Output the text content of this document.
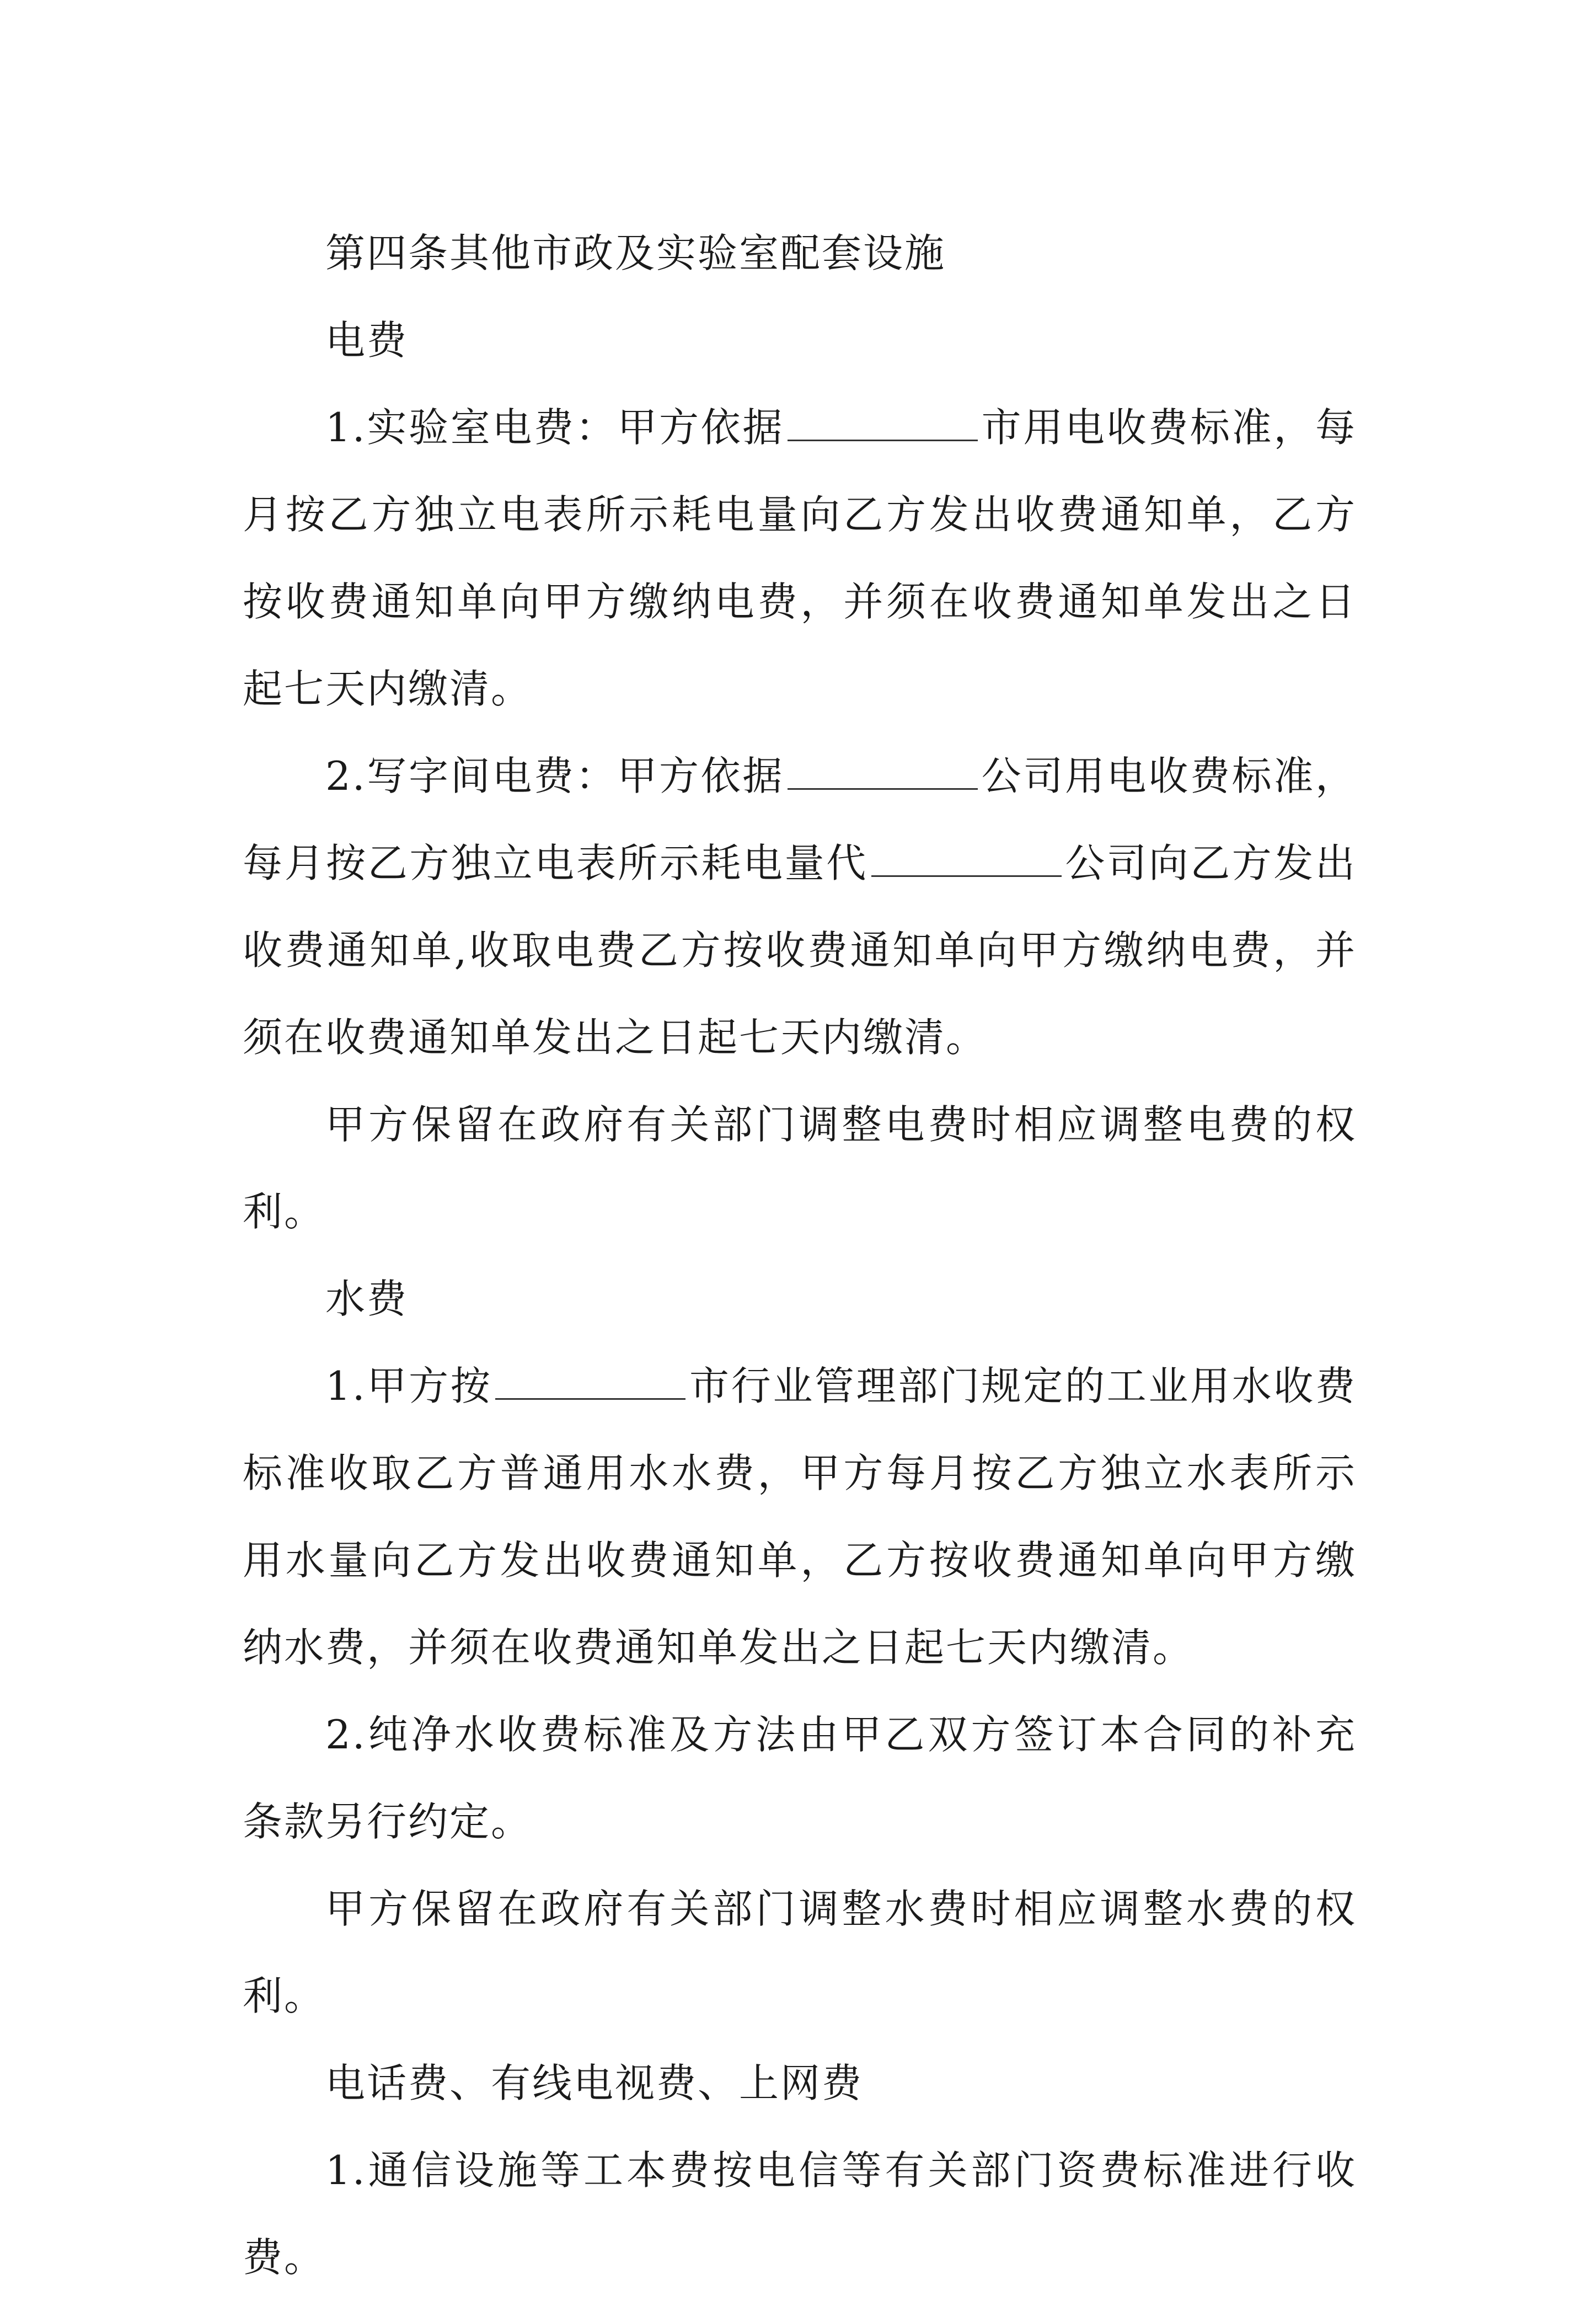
第四条其他市政及实验室配套设施

电费

1.实验室电费：甲方依据	市用电收费标准，每月按乙方独立电表所示耗电量向乙方发出收费通知单，乙方按收费通知单向甲方缴纳电费，并须在收费通知单发出之日起七天内缴清。

2.写字间电费：甲方依据	公司用电收费标准，每月按乙方独立电表所示耗电量代	公司向乙方发出收费通知单,收取电费乙方按收费通知单向甲方缴纳电费，并须在收费通知单发出之日起七天内缴清。

甲方保留在政府有关部门调整电费时相应调整电费的权利。

水费

1.甲方按	市行业管理部门规定的工业用水收费标准收取乙方普通用水水费，甲方每月按乙方独立水表所示用水量向乙方发出收费通知单，乙方按收费通知单向甲方缴纳水费，并须在收费通知单发出之日起七天内缴清。

2.纯净水收费标准及方法由甲乙双方签订本合同的补充条款另行约定。

甲方保留在政府有关部门调整水费时相应调整水费的权利。

电话费、有线电视费、上网费

1.通信设施等工本费按电信等有关部门资费标准进行收费。
